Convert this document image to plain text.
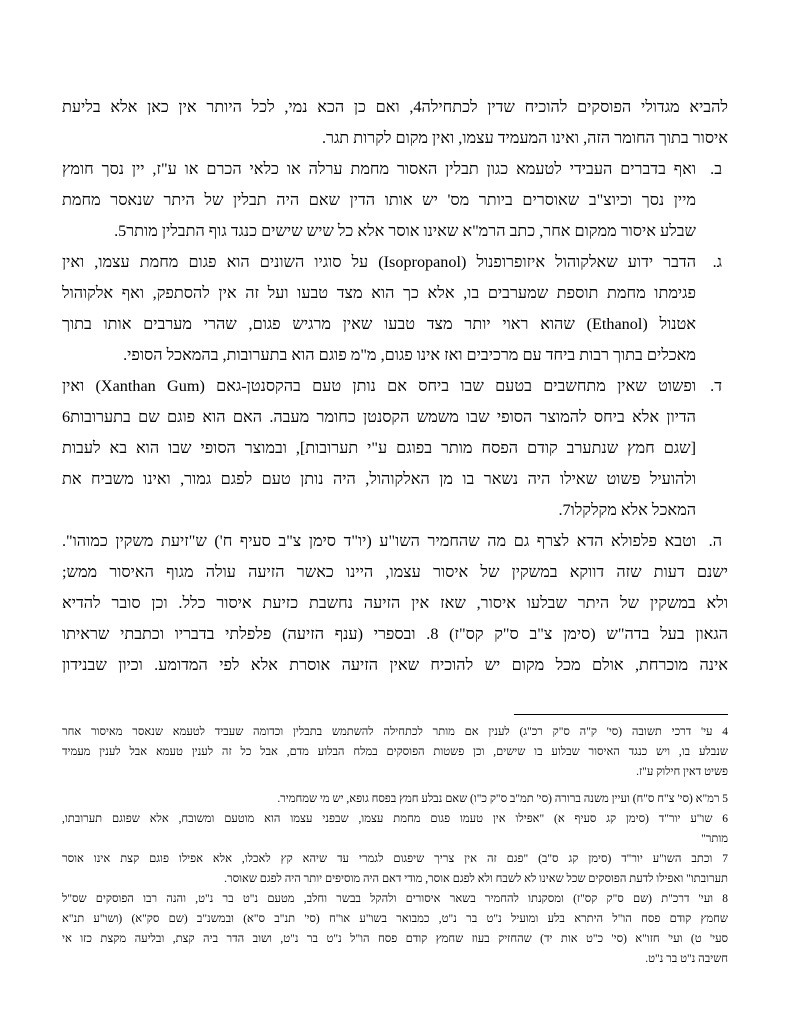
להביא מגדולי הפוסקים להוכיח שדין לכתחילה4, ואם כן הכא נמי, לכל היותר אין כאן אלא בליעת
איסור בתוך החומר הזה, ואינו המעמיד עצמו, ואין מקום לקרות תגר.
ב.
ואף בדברים העבידי לטעמא כגון תבלין האסור מחמת ערלה או כלאי הכרם או ע"ז, יין נסך חומץ
מיין נסך וכיוצ"ב שאוסרים ביותר מס' יש אותו הדין שאם היה תבלין של היתר שנאסר מחמת
שבלע איסור ממקום אחר, כתב הרמ"א שאינו אוסר אלא כל שיש שישים כנגד גוף התבלין מותר5.
ג.
הדבר ידוע שאלקוהול איזופרופנול (Isopropanol) על סוגיו השונים הוא פגום מחמת עצמו, ואין
פגימתו מחמת תוספת שמערבים בו, אלא כך הוא מצד טבעו ועל זה אין להסתפק, ואף אלקוהול
אטנול (Ethanol) שהוא ראוי יותר מצד טבעו שאין מרגיש פגום, שהרי מערבים אותו בתוך
מאכלים בתוך רבות ביחד עם מרכיבים ואז אינו פגום, מ"מ פוגם הוא בתערובות, בהמאכל הסופי.
ד.
ופשוט שאין מתחשבים בטעם שבו ביחס אם נותן טעם בהקסנטן-גאם (Xanthan Gum) ואין
הדיון אלא ביחס להמוצר הסופי שבו משמש הקסנטן כחומר מעבה. האם הוא פוגם שם בתערובות6
[שגם חמץ שנתערב קודם הפסח מותר בפוגם ע"י תערובות], ובמוצר הסופי שבו הוא בא לעבות
ולהועיל פשוט שאילו היה נשאר בו מן האלקוהול, היה נותן טעם לפגם גמור, ואינו משביח את
המאכל אלא מקלקלו7.
ה.
וטבא פלפולא הדא לצרף גם מה שהחמיר השו"ע (יו"ד סימן צ"ב סעיף ח') ש"זיעת משקין כמוהו".
ישנם דעות שזה דווקא במשקין של איסור עצמו, היינו כאשר הזיעה עולה מגוף האיסור ממש;
ולא במשקין של היתר שבלעו איסור, שאז אין הזיעה נחשבת כזיעת איסור כלל. וכן סובר להדיא
הגאון בעל בדה"ש (סימן צ"ב ס"ק קס"ז) 8. ובספרי (ענף הזיעה) פלפלתי בדבריו וכתבתי שראיתו
אינה מוכרחת, אולם מכל מקום יש להוכיח שאין הזיעה אוסרת אלא לפי המדומע. וכיון שבנידון
4 עי' דרכי תשובה (סי' ק"ה ס"ק רכ"ג) לענין אם מותר לכתחילה להשתמש בתבלין וכדומה שעביד לטעמא שנאסר מאיסור אחר
שנבלע בו, ויש כנגד האיסור שבלוע בו שישים, וכן פשטות הפוסקים במלח הבלוע מדם, אבל כל זה לענין טעמא אבל לענין מעמיד
פשיט דאין חילוק ע"ז.
5 רמ"א (סי' צ"ח ס"ח) ועיין משנה ברורה (סי' תמ"ב ס"ק כ"ו) שאם נבלע חמץ בפסח גופא, יש מי שמחמיר.
6 שו"ע יור"ד (סימן קג סעיף א) "אפילו אין טעמו פגום מחמת עצמו, שבפני עצמו הוא מוטעם ומשובח, אלא שפוגם תערובתו,
מותר"
7 וכתב השו"ע יור"ד (סימן קג ס"ב) "פגם זה אין צריך שיפגום לגמרי עד שיהא קץ לאכלו, אלא אפילו פוגם קצת אינו אוסר
תערובתו" ואפילו לדעת הפוסקים שכל שאינו לא לשבח ולא לפגם אוסר, מודי דאם היה מוסיפים יותר היה לפגם שאוסר.
8 ועי' דרכ"ת (שם ס"ק קס"ז) ומסקנתו להחמיר בשאר איסורים ולהקל בבשר וחלב, מטעם נ"ט בר נ"ט, והנה רבו הפוסקים שס"ל
שחמץ קודם פסח הו"ל היתרא בלע ומועיל נ"ט בר נ"ט, כמבואר בשו"ע או"ח (סי' תנ"ב ס"א) ובמשנ"ב (שם סק"א) (ושו"ע תנ"א
סעי' ט) ועי' חזו"א (סי' כ"ט אות יד) שהחזיק בעוז שחמץ קודם פסח הו"ל נ"ט בר נ"ט, ושוב הדר ביה קצת, ובליעה מקצת כזו אי
חשיבה נ"ט בר נ"ט.
